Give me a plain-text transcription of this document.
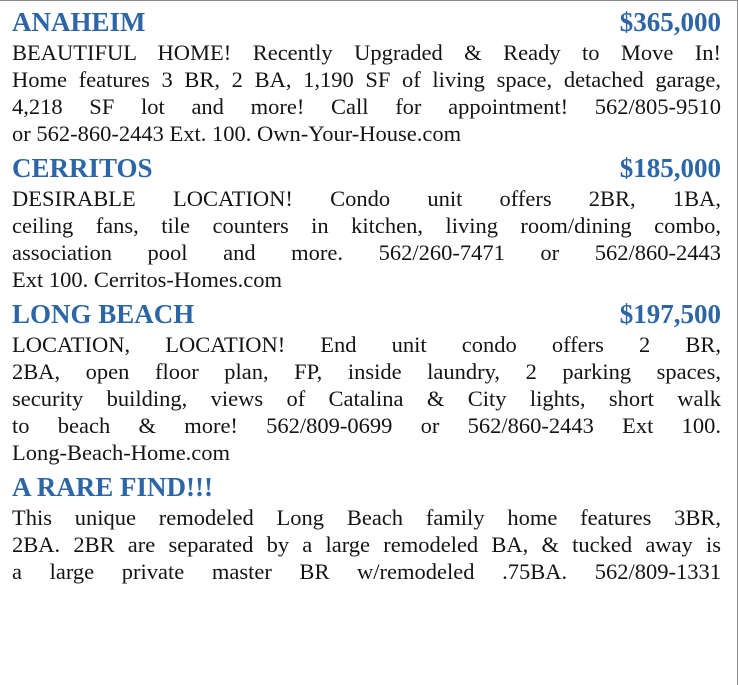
ANAHEIM	$365,000
BEAUTIFUL HOME! Recently Upgraded & Ready to Move In!
Home features 3 BR, 2 BA, 1,190 SF of living space, detached garage,
4,218 SF lot and more! Call for appointment! 562/805-9510
or 562-860-2443 Ext. 100. Own-Your-House.com
CERRITOS	$185,000
DESIRABLE LOCATION! Condo unit offers 2BR, 1BA,
ceiling fans, tile counters in kitchen, living room/dining combo,
association pool and more. 562/260-7471 or 562/860-2443
Ext 100. Cerritos-Homes.com
LONG BEACH	$197,500
LOCATION, LOCATION! End unit condo offers 2 BR,
2BA, open floor plan, FP, inside laundry, 2 parking spaces,
security building, views of Catalina & City lights, short walk
to beach & more! 562/809-0699 or 562/860-2443 Ext 100.
Long-Beach-Home.com
A RARE FIND!!!
This unique remodeled Long Beach family home features 3BR,
2BA. 2BR are separated by a large remodeled BA, & tucked away is
a large private master BR w/remodeled .75BA. 562/809-1331
